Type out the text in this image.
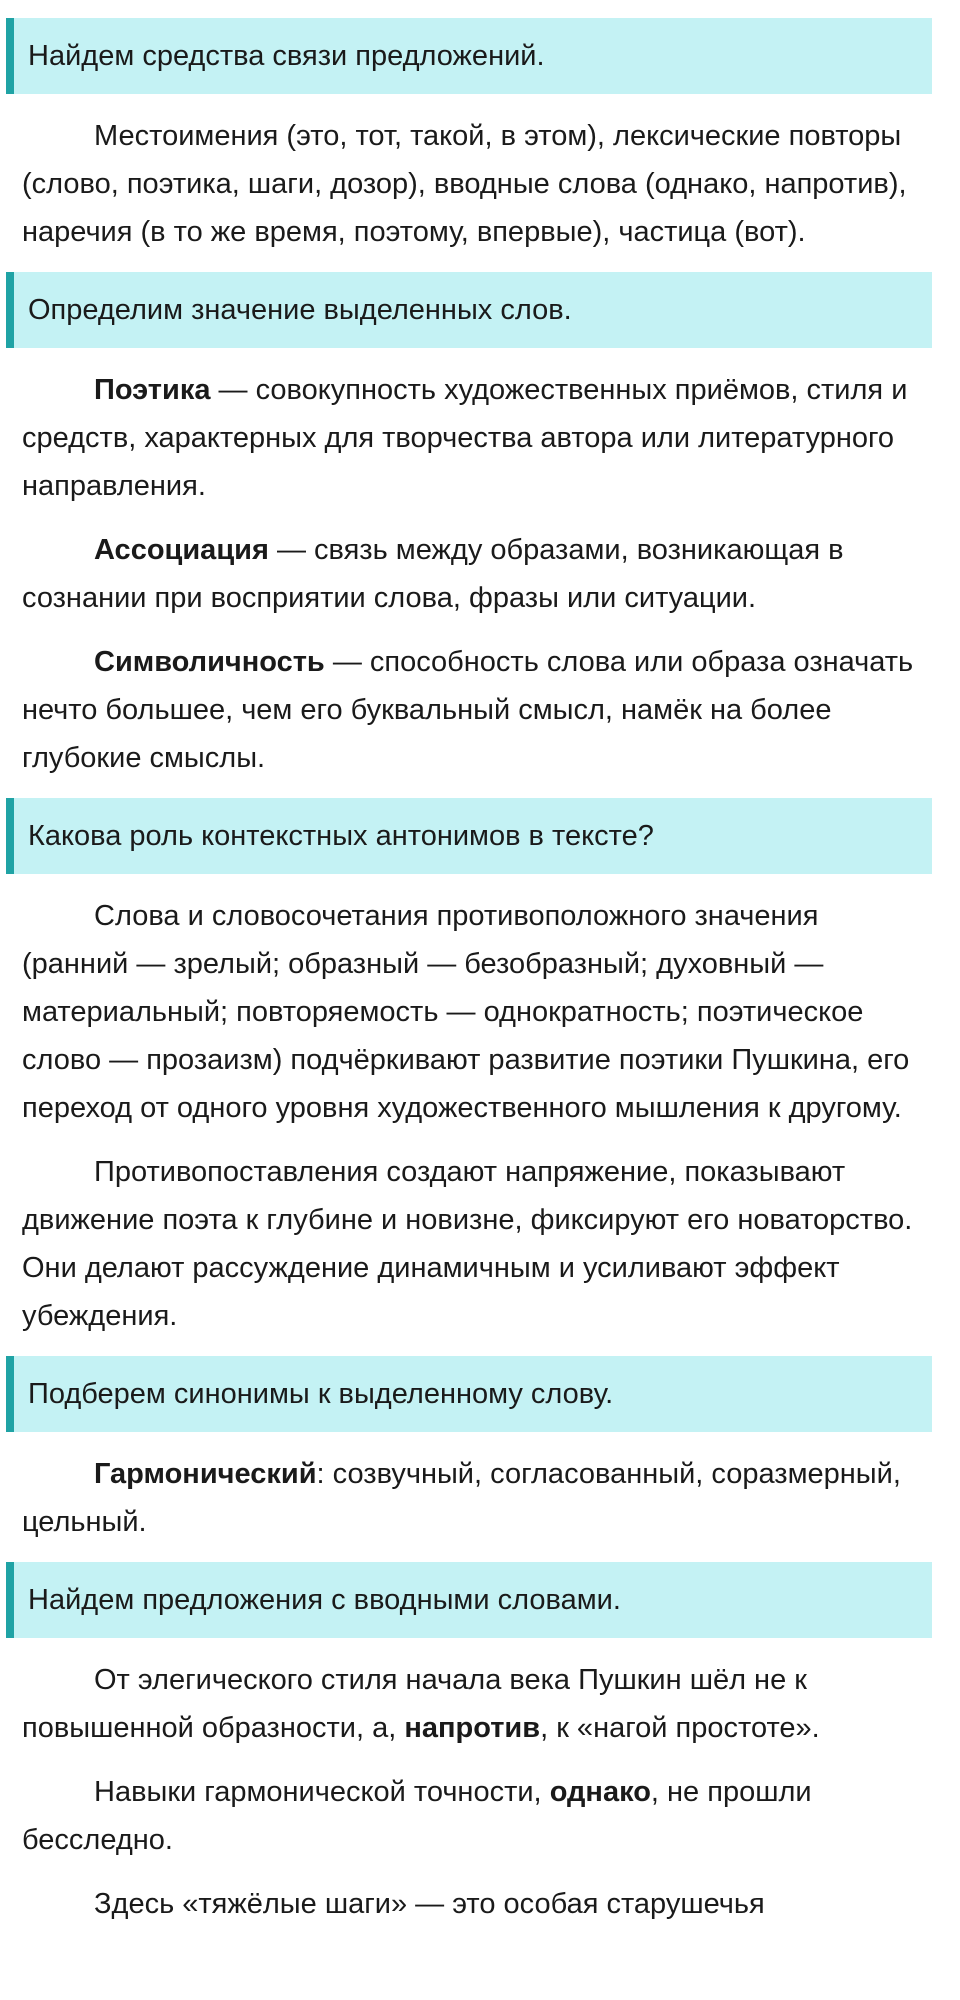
Найдем средства связи предложений.

Местоимения (это, тот, такой, в этом), лексические повторы (слово, поэтика, шаги, дозор), вводные слова (однако, напротив), наречия (в то же время, поэтому, впервые), частица (вот).

Определим значение выделенных слов.

Поэтика — совокупность художественных приёмов, стиля и средств, характерных для творчества автора или литературного направления.

Ассоциация — связь между образами, возникающая в сознании при восприятии слова, фразы или ситуации.

Символичность — способность слова или образа означать нечто большее, чем его буквальный смысл, намёк на более глубокие смыслы.

Какова роль контекстных антонимов в тексте?

Слова и словосочетания противоположного значения (ранний — зрелый; образный — безобразный; духовный — материальный; повторяемость — однократность; поэтическое слово — прозаизм) подчёркивают развитие поэтики Пушкина, его переход от одного уровня художественного мышления к другому.

Противопоставления создают напряжение, показывают движение поэта к глубине и новизне, фиксируют его новаторство. Они делают рассуждение динамичным и усиливают эффект убеждения.

Подберем синонимы к выделенному слову.

Гармонический: созвучный, согласованный, соразмерный, цельный.

Найдем предложения с вводными словами.

От элегического стиля начала века Пушкин шёл не к повышенной образности, а, напротив, к «нагой простоте».

Навыки гармонической точности, однако, не прошли бесследно.

Здесь «тяжёлые шаги» — это особая старушечья
